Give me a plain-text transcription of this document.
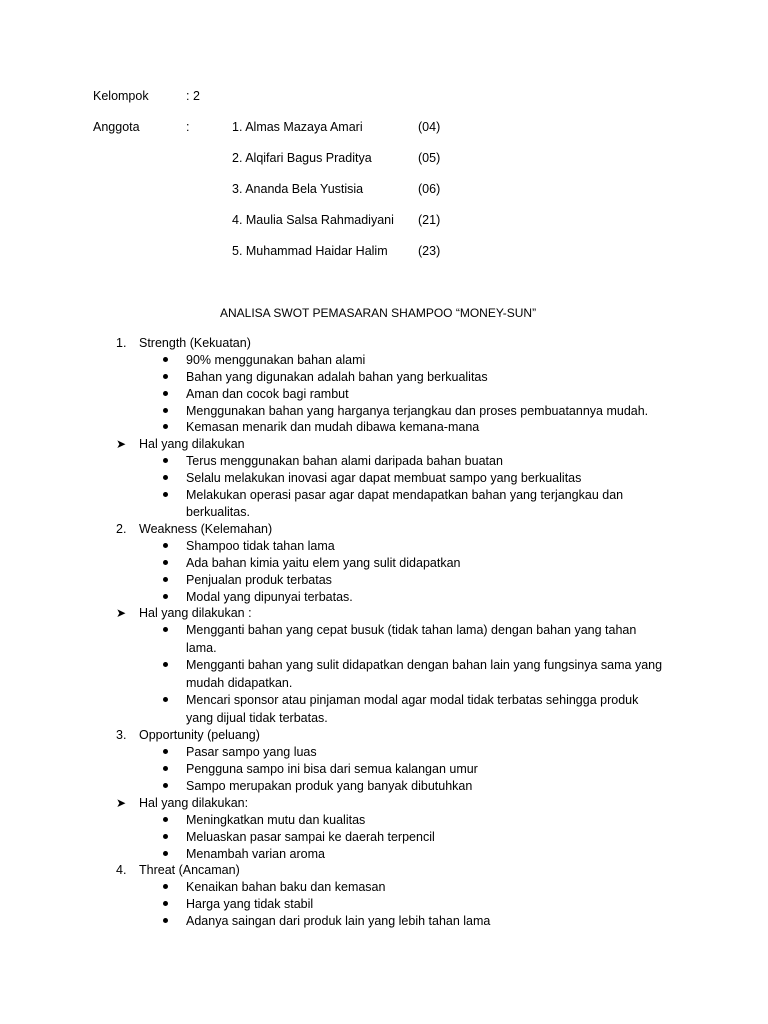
Kelompok	: 2
Anggota	:	1. Almas Mazaya Amari	(04)
2. Alqifari Bagus Praditya	(05)
3. Ananda Bela Yustisia	(06)
4. Maulia Salsa Rahmadiyani (21)
5. Muhammad Haidar Halim (23)
ANALISA SWOT PEMASARAN SHAMPOO “MONEY-SUN”
1. Strength (Kekuatan)
90% menggunakan bahan alami
Bahan yang digunakan adalah bahan yang berkualitas
Aman dan cocok bagi rambut
Menggunakan bahan yang harganya terjangkau dan proses pembuatannya mudah.
Kemasan menarik dan mudah dibawa kemana-mana
➤ Hal yang dilakukan
Terus menggunakan bahan alami daripada bahan buatan
Selalu melakukan inovasi agar dapat membuat sampo yang berkualitas
Melakukan operasi pasar agar dapat mendapatkan bahan yang terjangkau dan
berkualitas.
2. Weakness (Kelemahan)
Shampoo tidak tahan lama
Ada bahan kimia yaitu elem yang sulit didapatkan
Penjualan produk terbatas
Modal yang dipunyai terbatas.
➤ Hal yang dilakukan :
Mengganti bahan yang cepat busuk (tidak tahan lama) dengan bahan yang tahan
lama.
Mengganti bahan yang sulit didapatkan dengan bahan lain yang fungsinya sama yang
mudah didapatkan.
Mencari sponsor atau pinjaman modal agar modal tidak terbatas sehingga produk
yang dijual tidak terbatas.
3. Opportunity (peluang)
Pasar sampo yang luas
Pengguna sampo ini bisa dari semua kalangan umur
Sampo merupakan produk yang banyak dibutuhkan
➤ Hal yang dilakukan:
Meningkatkan mutu dan kualitas
Meluaskan pasar sampai ke daerah terpencil
Menambah varian aroma
4. Threat (Ancaman)
Kenaikan bahan baku dan kemasan
Harga yang tidak stabil
Adanya saingan dari produk lain yang lebih tahan lama
